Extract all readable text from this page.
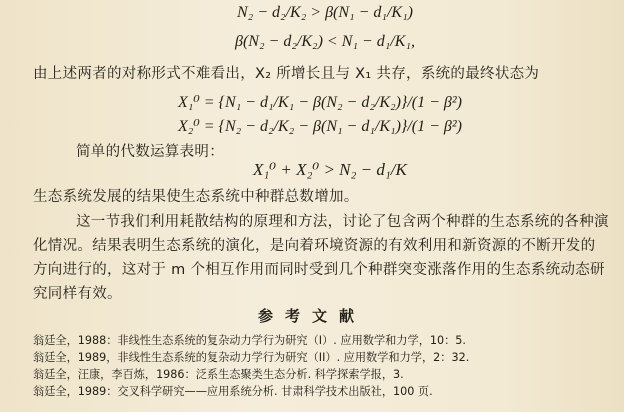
N₂ − d₂/K₂ > β(N₁ − d₁/K₁)
β(N₂ − d₂/K₂) < N₁ − d₁/K₁,
由上述两者的对称形式不难看出，X₂ 所增长且与 X₁ 共存，系统的最终状态为
X₁⁰ = {N₁ − d₁/K₁ − β(N₂ − d₂/K₂)}/(1 − β²)
X₂⁰ = {N₂ − d₂/K₂ − β(N₁ − d₁/K₁)}/(1 − β²)
简单的代数运算表明：
X₁⁰ + X₂⁰ > N₂ − d₁/K
生态系统发展的结果使生态系统中种群总数增加。
这一节我们利用耗散结构的原理和方法，讨论了包含两个种群的生态系统的各种演
化情况。结果表明生态系统的演化，是向着环境资源的有效利用和新资源的不断开发的
方向进行的，这对于 m 个相互作用而同时受到几个种群突变涨落作用的生态系统动态研
究同样有效。
参考文献
翁廷全，1988：非线性生态系统的复杂动力学行为研究（I）. 应用数学和力学，10：5.
翁廷全，1989，非线性生态系统的复杂动力学行为研究（II）. 应用数学和力学，2：32.
翁廷全，汪康，李百炼，1986：泛系生态聚类生态分析. 科学探索学报，3.
翁廷全，1989：交叉科学研究——应用系统分析. 甘肃科学技术出版社，100 页.
